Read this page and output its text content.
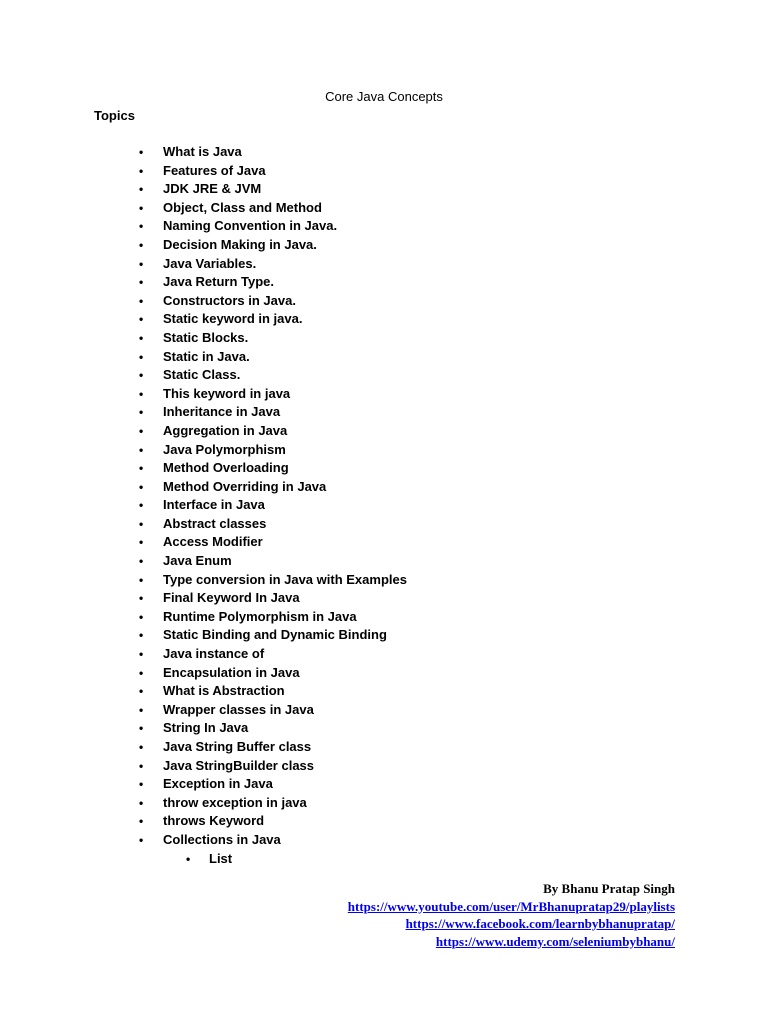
Core Java Concepts
Topics
• What is Java
• Features of Java
• JDK JRE & JVM
• Object, Class and Method
• Naming Convention in Java.
• Decision Making in Java.
• Java Variables.
• Java Return Type.
• Constructors in Java.
• Static keyword in java.
• Static Blocks.
• Static in Java.
• Static Class.
• This keyword in java
• Inheritance in Java
• Aggregation in Java
• Java Polymorphism
• Method Overloading
• Method Overriding in Java
• Interface in Java
• Abstract classes
• Access Modifier
• Java Enum
• Type conversion in Java with Examples
• Final Keyword In Java
• Runtime Polymorphism in Java
• Static Binding and Dynamic Binding
• Java instance of
• Encapsulation in Java
• What is Abstraction
• Wrapper classes in Java
• String In Java
• Java String Buffer class
• Java StringBuilder class
• Exception in Java
• throw exception in java
• throws Keyword
• Collections in Java
• List
By Bhanu Pratap Singh
https://www.youtube.com/user/MrBhanupratap29/playlists
https://www.facebook.com/learnbybhanupratap/
https://www.udemy.com/seleniumbybhanu/
